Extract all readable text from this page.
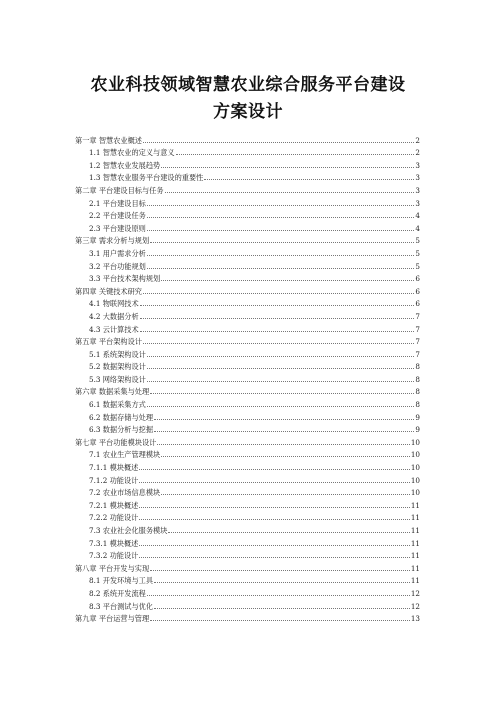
农业科技领域智慧农业综合服务平台建设
方案设计
第一章 智慧农业概述	2
1.1 智慧农业的定义与意义	2
1.2 智慧农业发展趋势	3
1.3 智慧农业服务平台建设的重要性	3
第二章 平台建设目标与任务	3
2.1 平台建设目标	3
2.2 平台建设任务	4
2.3 平台建设原则	4
第三章 需求分析与规划	5
3.1 用户需求分析	5
3.2 平台功能规划	5
3.3 平台技术架构规划	6
第四章 关键技术研究	6
4.1 物联网技术	6
4.2 大数据分析	7
4.3 云计算技术	7
第五章 平台架构设计	7
5.1 系统架构设计	7
5.2 数据架构设计	8
5.3 网络架构设计	8
第六章 数据采集与处理	8
6.1 数据采集方式	8
6.2 数据存储与处理	9
6.3 数据分析与挖掘	9
第七章 平台功能模块设计	10
7.1 农业生产管理模块	10
7.1.1 模块概述	10
7.1.2 功能设计	10
7.2 农业市场信息模块	10
7.2.1 模块概述	11
7.2.2 功能设计	11
7.3 农业社会化服务模块	11
7.3.1 模块概述	11
7.3.2 功能设计	11
第八章 平台开发与实现	11
8.1 开发环境与工具	11
8.2 系统开发流程	12
8.3 平台测试与优化	12
第九章 平台运营与管理	13
